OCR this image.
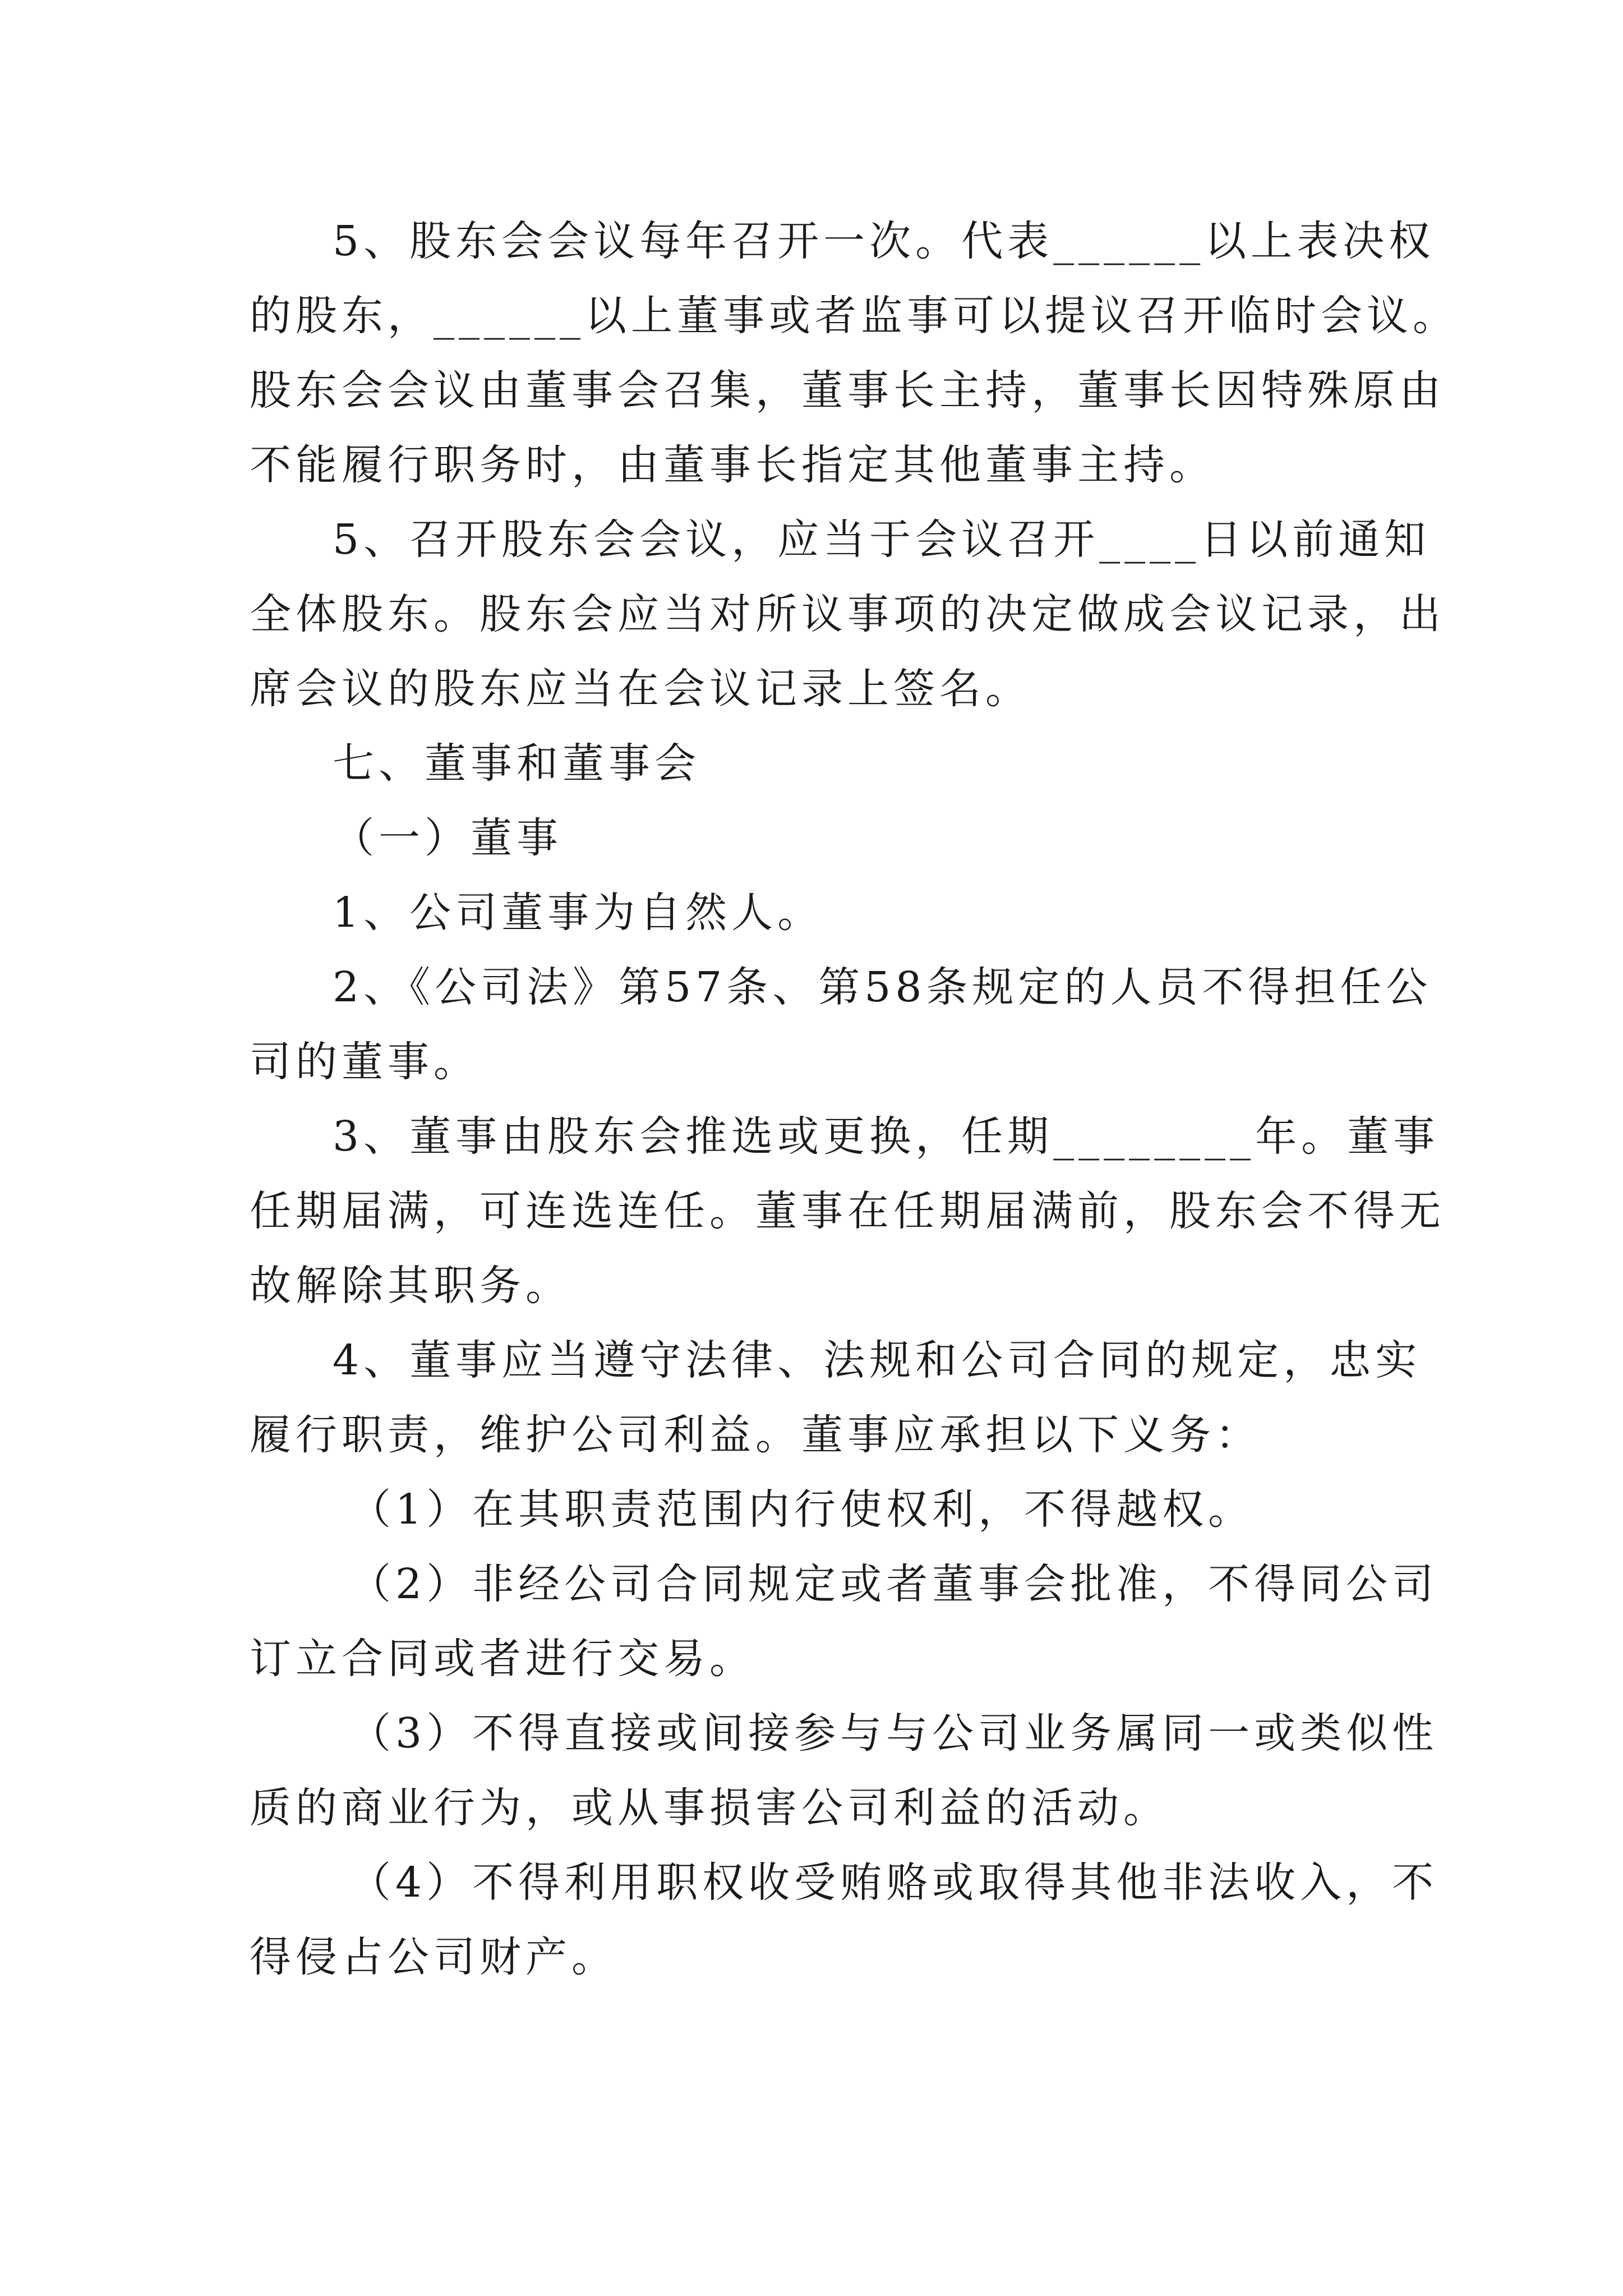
5、股东会会议每年召开一次。代表______以上表决权
的股东，______以上董事或者监事可以提议召开临时会议。
股东会会议由董事会召集，董事长主持，董事长因特殊原由
不能履行职务时，由董事长指定其他董事主持。
5、召开股东会会议，应当于会议召开____日以前通知
全体股东。股东会应当对所议事项的决定做成会议记录，出
席会议的股东应当在会议记录上签名。
七、董事和董事会
（一）董事
1、公司董事为自然人。
2、《公司法》第57条、第58条规定的人员不得担任公
司的董事。
3、董事由股东会推选或更换，任期________年。董事
任期届满，可连选连任。董事在任期届满前，股东会不得无
故解除其职务。
4、董事应当遵守法律、法规和公司合同的规定，忠实
履行职责，维护公司利益。董事应承担以下义务：
（1）在其职责范围内行使权利，不得越权。
（2）非经公司合同规定或者董事会批准，不得同公司
订立合同或者进行交易。
（3）不得直接或间接参与与公司业务属同一或类似性
质的商业行为，或从事损害公司利益的活动。
（4）不得利用职权收受贿赂或取得其他非法收入，不
得侵占公司财产。
